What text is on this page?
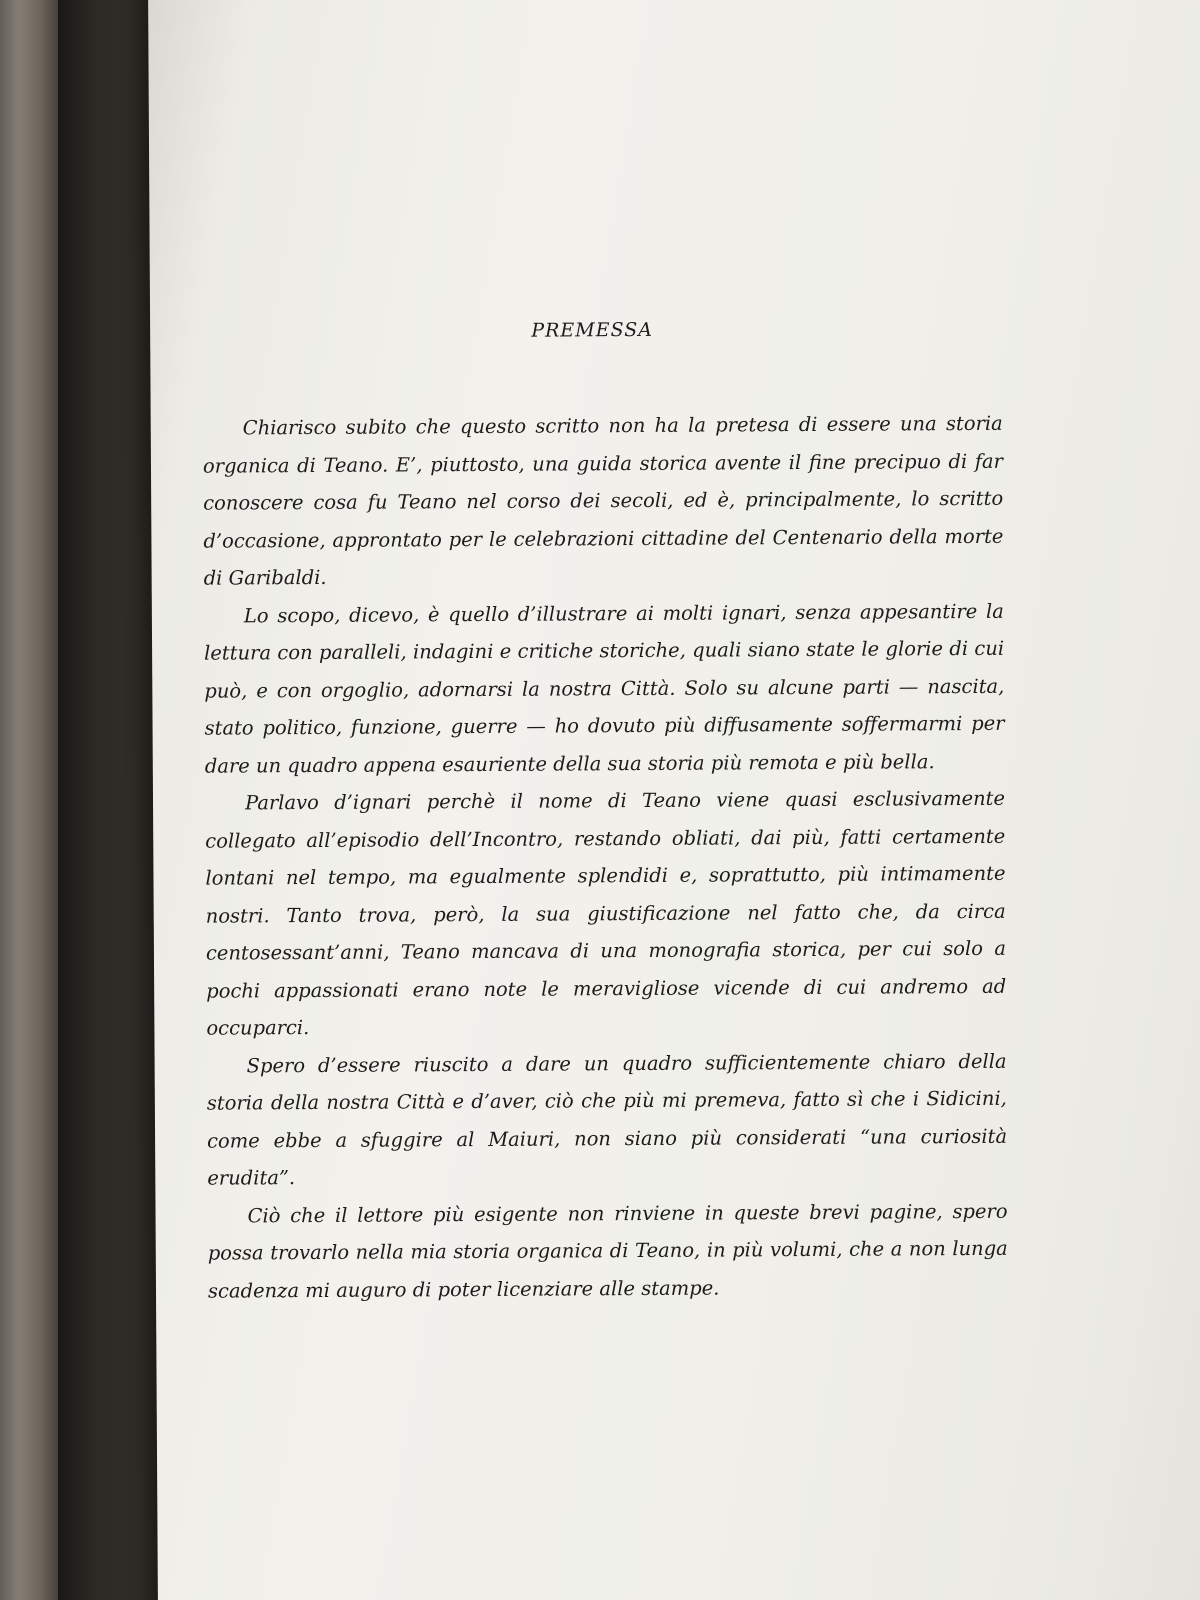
PREMESSA

Chiarisco subito che questo scritto non ha la pretesa di essere una storia organica di Teano. E’, piuttosto, una guida storica avente il fine precipuo di far conoscere cosa fu Teano nel corso dei secoli, ed è, principalmente, lo scritto d’occasione, approntato per le celebrazioni cittadine del Centenario della morte di Garibaldi.

Lo scopo, dicevo, è quello d’illustrare ai molti ignari, senza appesantire la lettura con paralleli, indagini e critiche storiche, quali siano state le glorie di cui può, e con orgoglio, adornarsi la nostra Città. Solo su alcune parti — nascita, stato politico, funzione, guerre — ho dovuto più diffusamente soffermarmi per dare un quadro appena esauriente della sua storia più remota e più bella.

Parlavo d’ignari perchè il nome di Teano viene quasi esclusivamente collegato all’episodio dell’Incontro, restando obliati, dai più, fatti certamente lontani nel tempo, ma egualmente splendidi e, soprattutto, più intimamente nostri. Tanto trova, però, la sua giustificazione nel fatto che, da circa centosessant’anni, Teano mancava di una monografia storica, per cui solo a pochi appassionati erano note le meravigliose vicende di cui andremo ad occuparci.

Spero d’essere riuscito a dare un quadro sufficientemente chiaro della storia della nostra Città e d’aver, ciò che più mi premeva, fatto sì che i Sidicini, come ebbe a sfuggire al Maiuri, non siano più considerati “una curiosità erudita”.

Ciò che il lettore più esigente non rinviene in queste brevi pagine, spero possa trovarlo nella mia storia organica di Teano, in più volumi, che a non lunga scadenza mi auguro di poter licenziare alle stampe.
